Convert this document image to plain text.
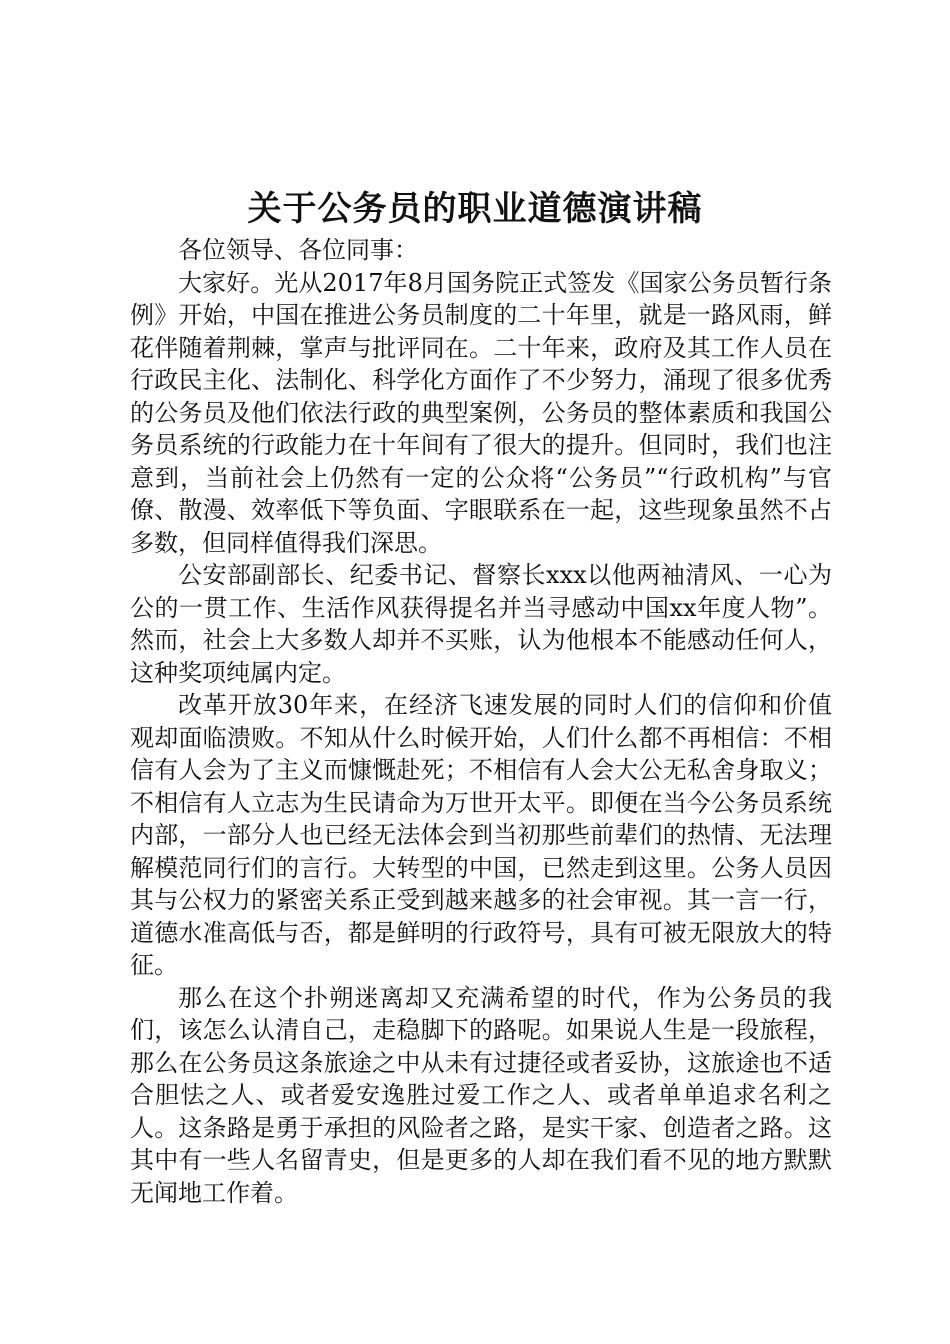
关于公务员的职业道德演讲稿

各位领导、各位同事：

大家好。光从2017年8月国务院正式签发《国家公务员暂行条例》开始，中国在推进公务员制度的二十年里，就是一路风雨，鲜花伴随着荆棘，掌声与批评同在。二十年来，政府及其工作人员在行政民主化、法制化、科学化方面作了不少努力，涌现了很多优秀的公务员及他们依法行政的典型案例，公务员的整体素质和我国公务员系统的行政能力在十年间有了很大的提升。但同时，我们也注意到，当前社会上仍然有一定的公众将“公务员”“行政机构”与官僚、散漫、效率低下等负面、字眼联系在一起，这些现象虽然不占多数，但同样值得我们深思。

公安部副部长、纪委书记、督察长xxx以他两袖清风、一心为公的一贯工作、生活作风获得提名并当寻感动中国xx年度人物”。然而，社会上大多数人却并不买账，认为他根本不能感动任何人，这种奖项纯属内定。

改革开放30年来，在经济飞速发展的同时人们的信仰和价值观却面临溃败。不知从什么时候开始，人们什么都不再相信：不相信有人会为了主义而慷慨赴死；不相信有人会大公无私舍身取义；不相信有人立志为生民请命为万世开太平。即便在当今公务员系统内部，一部分人也已经无法体会到当初那些前辈们的热情、无法理解模范同行们的言行。大转型的中国，已然走到这里。公务人员因其与公权力的紧密关系正受到越来越多的社会审视。其一言一行，道德水准高低与否，都是鲜明的行政符号，具有可被无限放大的特征。

那么在这个扑朔迷离却又充满希望的时代，作为公务员的我们，该怎么认清自己，走稳脚下的路呢。如果说人生是一段旅程，那么在公务员这条旅途之中从未有过捷径或者妥协，这旅途也不适合胆怯之人、或者爱安逸胜过爱工作之人、或者单单追求名利之人。这条路是勇于承担的风险者之路，是实干家、创造者之路。这其中有一些人名留青史，但是更多的人却在我们看不见的地方默默无闻地工作着。
